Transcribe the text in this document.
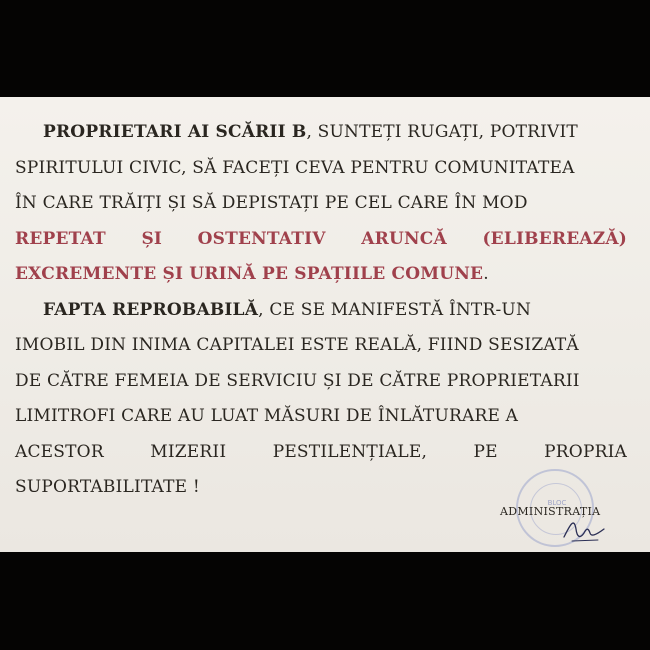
PROPRIETARI AI SCĂRII B, SUNTEȚI RUGAȚI, POTRIVIT
SPIRITULUI CIVIC, SĂ FACEȚI CEVA PENTRU COMUNITATEA
ÎN CARE TRĂIȚI ȘI SĂ DEPISTAȚI PE CEL CARE ÎN MOD
REPETAT ȘI OSTENTATIV ARUNCĂ (ELIBEREAZĂ)
EXCREMENTE ȘI URINĂ PE SPAȚIILE COMUNE.
FAPTA REPROBABILĂ, CE SE MANIFESTĂ ÎNTR-UN
IMOBIL DIN INIMA CAPITALEI ESTE REALĂ, FIIND SESIZATĂ
DE CĂTRE FEMEIA DE SERVICIU ȘI DE CĂTRE PROPRIETARII
LIMITROFI CARE AU LUAT MĂSURI DE ÎNLĂTURARE A
ACESTOR	MIZERII	PESTILENȚIALE,	PE	PROPRIA
SUPORTABILITATE !
BLOC
ADMINISTRAȚIA
